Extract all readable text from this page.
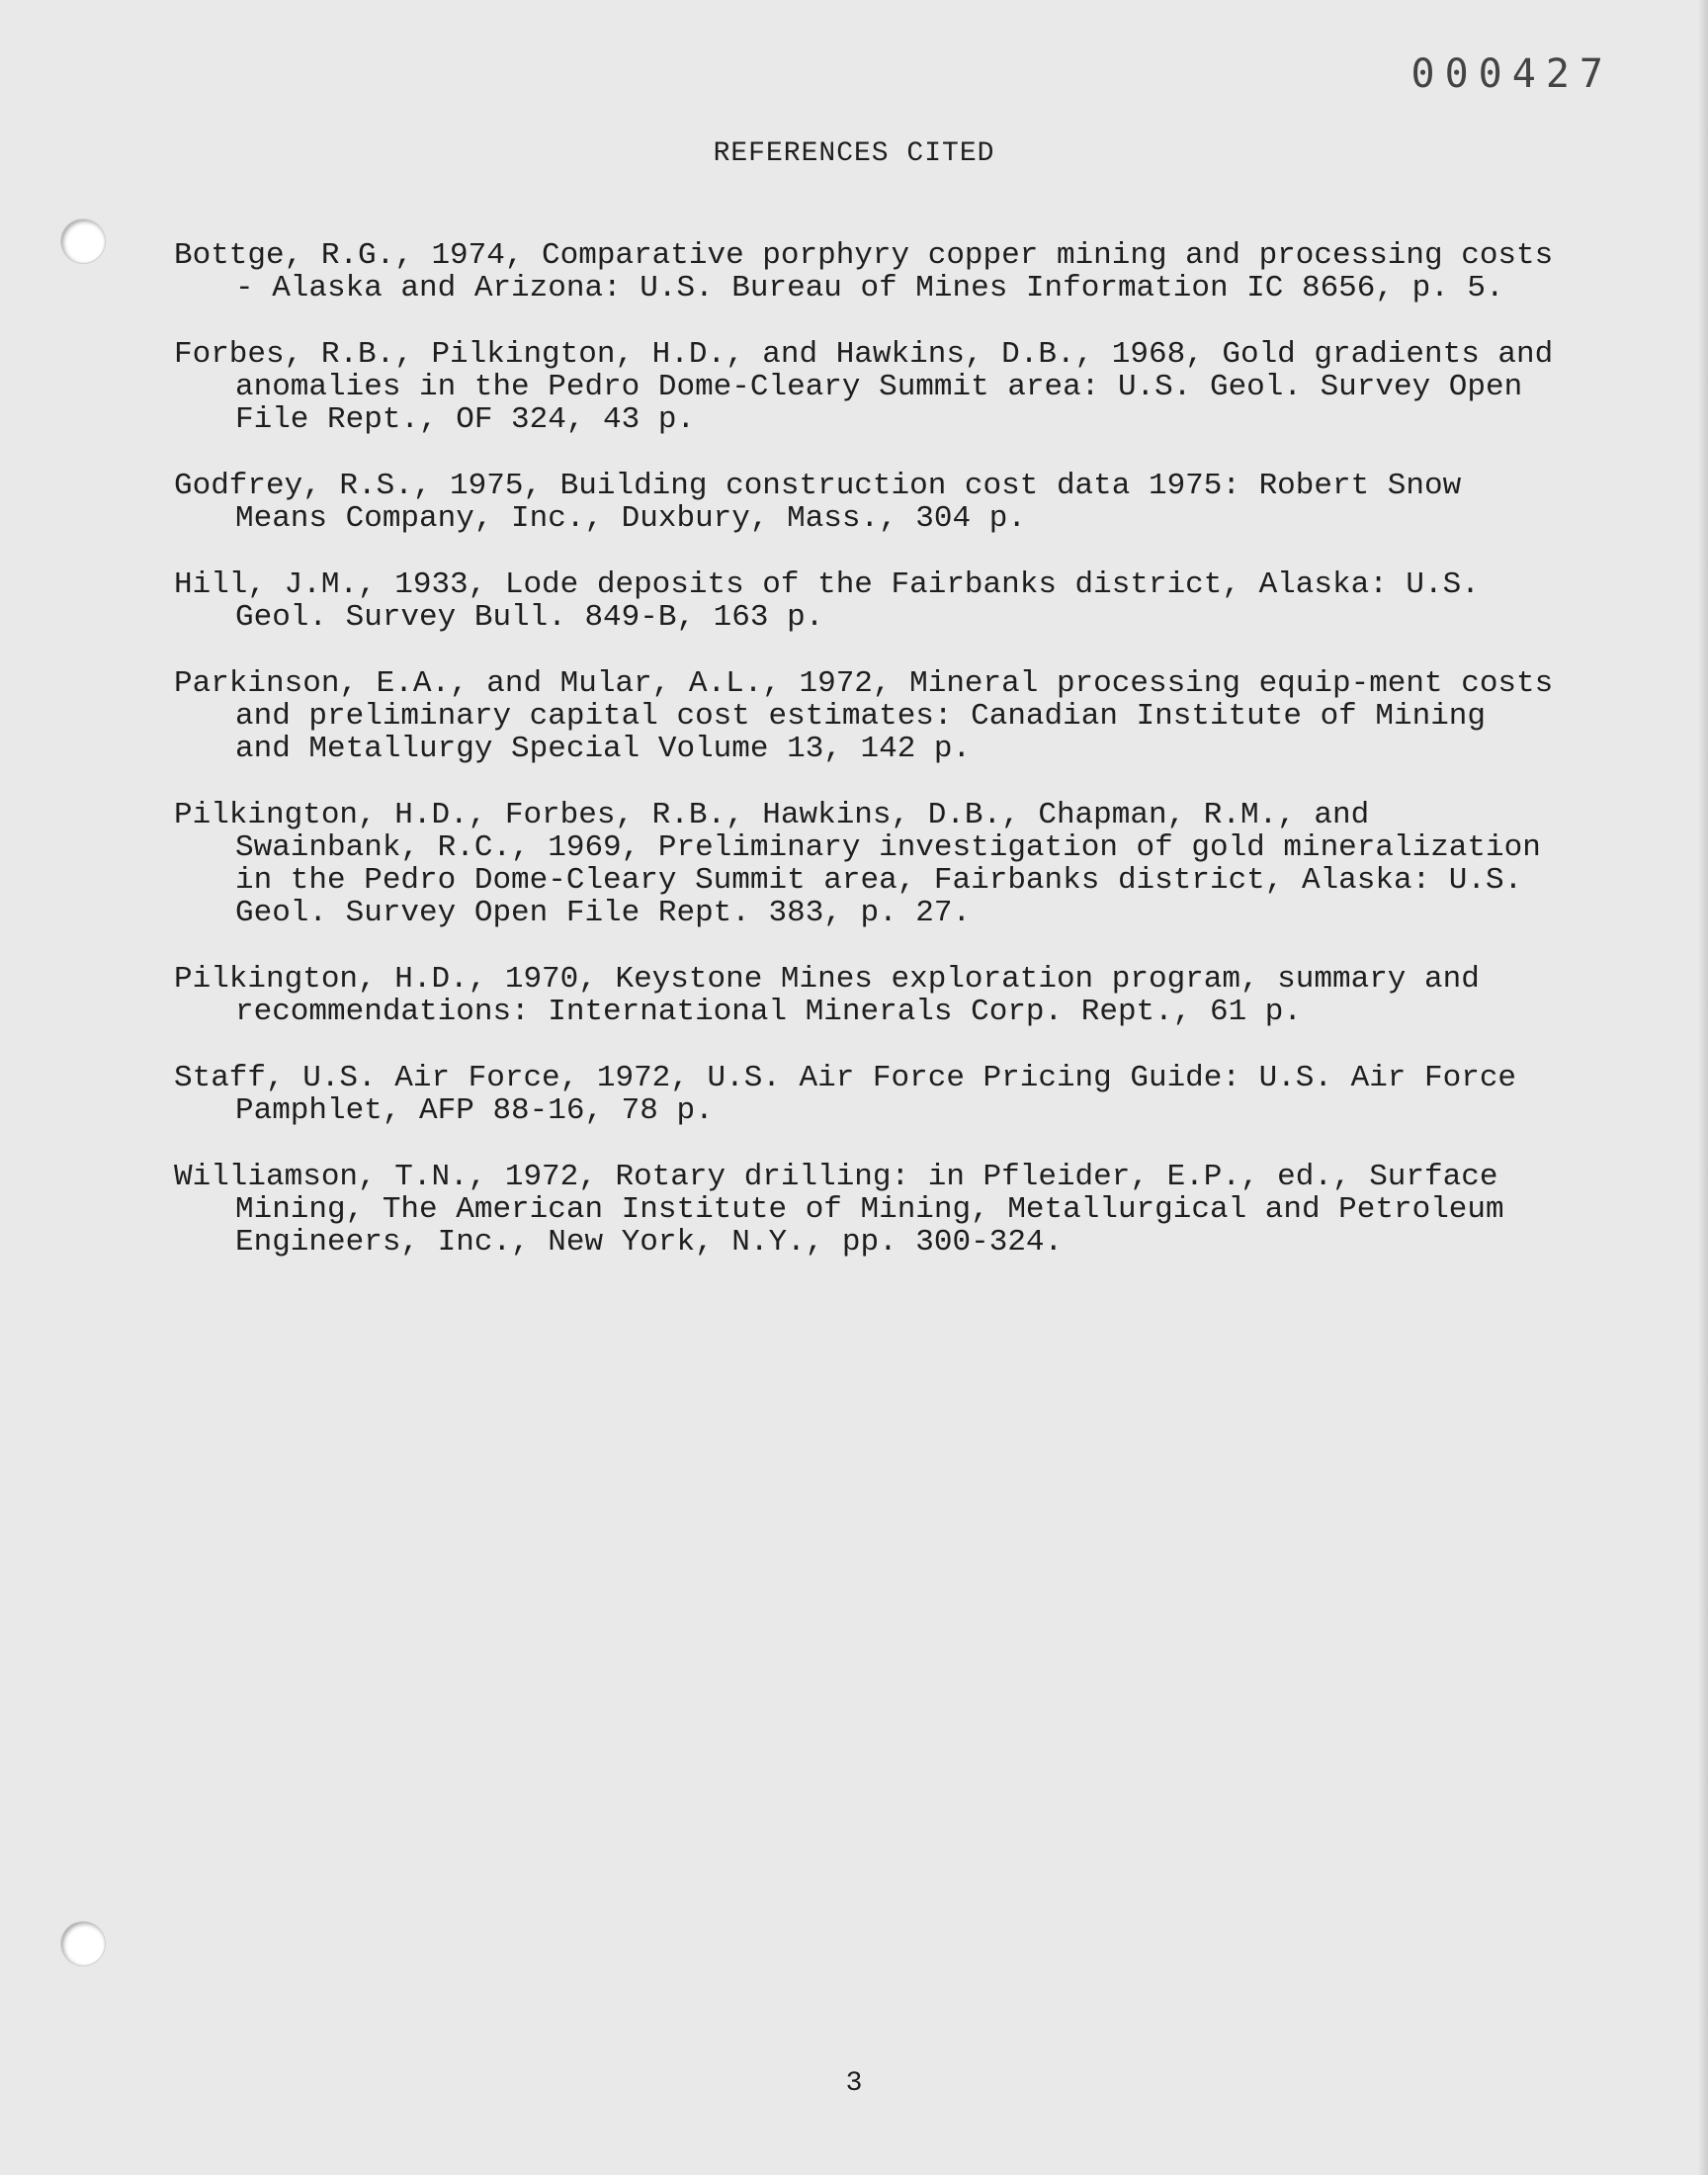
000427
REFERENCES CITED
Bottge, R.G., 1974, Comparative porphyry copper mining and processing costs - Alaska and Arizona: U.S. Bureau of Mines Information IC 8656, p. 5.
Forbes, R.B., Pilkington, H.D., and Hawkins, D.B., 1968, Gold gradients and anomalies in the Pedro Dome-Cleary Summit area: U.S. Geol. Survey Open File Rept., OF 324, 43 p.
Godfrey, R.S., 1975, Building construction cost data 1975: Robert Snow Means Company, Inc., Duxbury, Mass., 304 p.
Hill, J.M., 1933, Lode deposits of the Fairbanks district, Alaska: U.S. Geol. Survey Bull. 849-B, 163 p.
Parkinson, E.A., and Mular, A.L., 1972, Mineral processing equip-ment costs and preliminary capital cost estimates: Canadian Institute of Mining and Metallurgy Special Volume 13, 142 p.
Pilkington, H.D., Forbes, R.B., Hawkins, D.B., Chapman, R.M., and Swainbank, R.C., 1969, Preliminary investigation of gold mineralization in the Pedro Dome-Cleary Summit area, Fairbanks district, Alaska: U.S. Geol. Survey Open File Rept. 383, p. 27.
Pilkington, H.D., 1970, Keystone Mines exploration program, summary and recommendations: International Minerals Corp. Rept., 61 p.
Staff, U.S. Air Force, 1972, U.S. Air Force Pricing Guide: U.S. Air Force Pamphlet, AFP 88-16, 78 p.
Williamson, T.N., 1972, Rotary drilling: in Pfleider, E.P., ed., Surface Mining, The American Institute of Mining, Metallurgical and Petroleum Engineers, Inc., New York, N.Y., pp. 300-324.
3
